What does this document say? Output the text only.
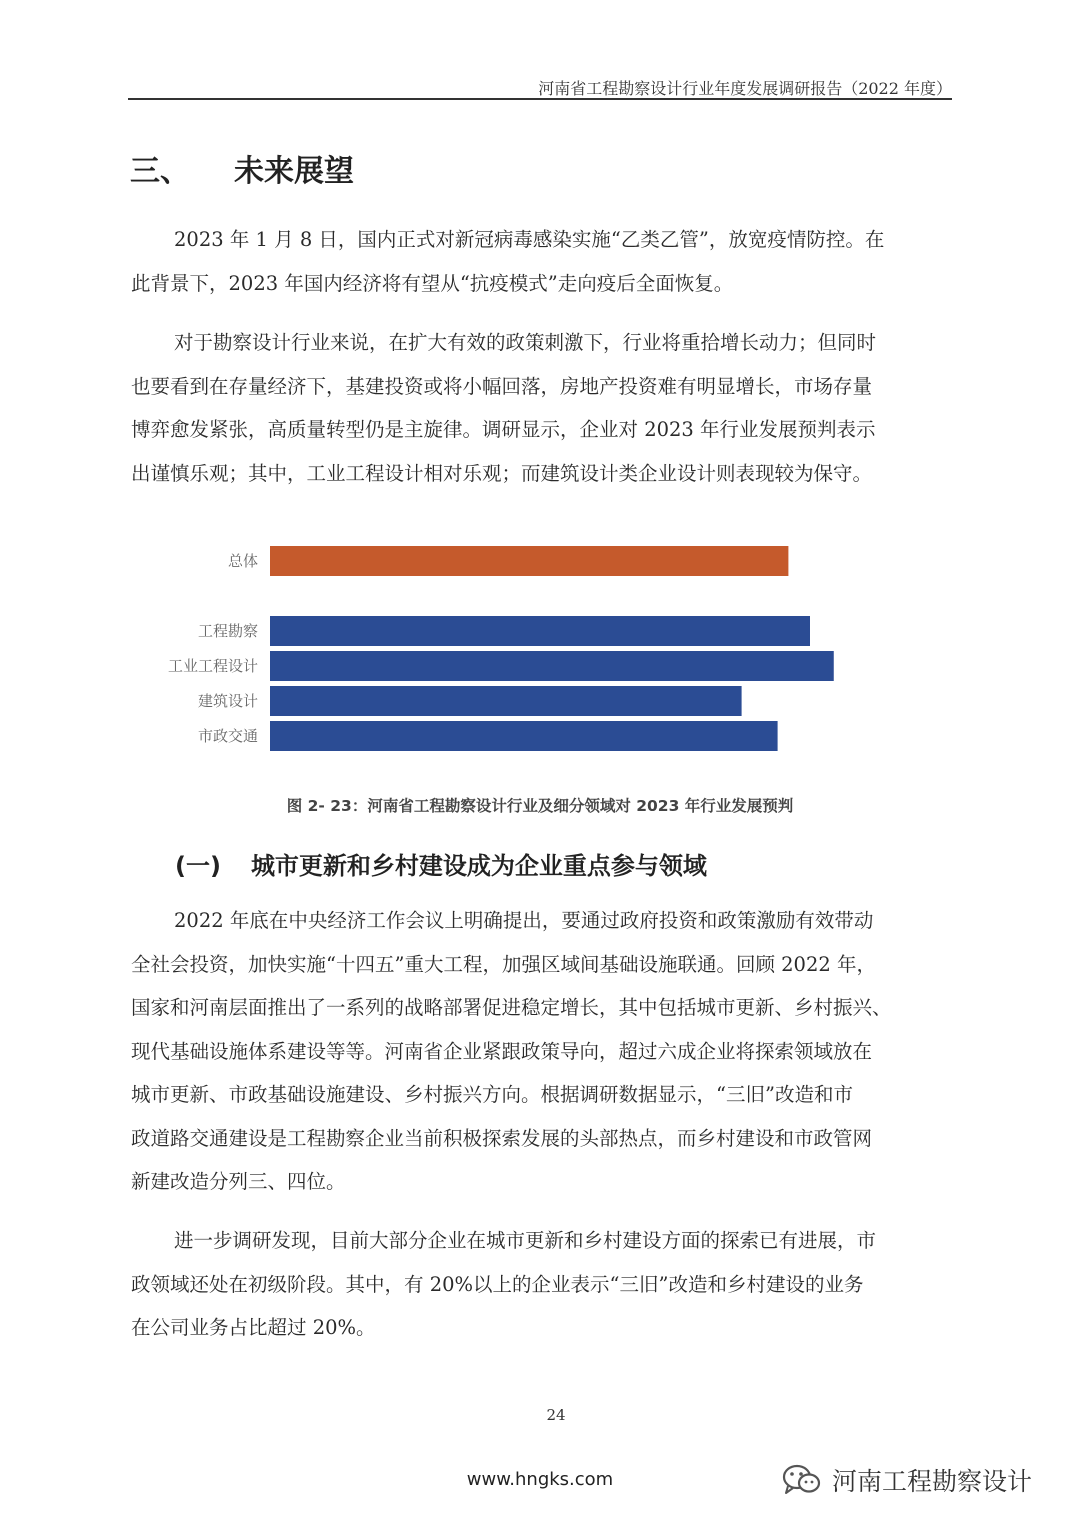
河南省工程勘察设计行业年度发展调研报告（2022 年度）
三、 未来展望

2023 年 1 月 8 日，国内正式对新冠病毒感染实施“乙类乙管”，放宽疫情防控。在
此背景下，2023 年国内经济将有望从“抗疫模式”走向疫后全面恢复。

对于勘察设计行业来说，在扩大有效的政策刺激下，行业将重拾增长动力；但同时
也要看到在存量经济下，基建投资或将小幅回落，房地产投资难有明显增长，市场存量
博弈愈发紧张，高质量转型仍是主旋律。调研显示，企业对 2023 年行业发展预判表示
出谨慎乐观；其中，工业工程设计相对乐观；而建筑设计类企业设计则表现较为保守。

总体
工程勘察
工业工程设计
建筑设计
市政交通
图 2- 23：河南省工程勘察设计行业及细分领域对 2023 年行业发展预判
(一) 城市更新和乡村建设成为企业重点参与领域

2022 年底在中央经济工作会议上明确提出，要通过政府投资和政策激励有效带动
全社会投资，加快实施“十四五”重大工程，加强区域间基础设施联通。回顾 2022 年，
国家和河南层面推出了一系列的战略部署促进稳定增长，其中包括城市更新、乡村振兴、
现代基础设施体系建设等等。河南省企业紧跟政策导向，超过六成企业将探索领域放在
城市更新、市政基础设施建设、乡村振兴方向。根据调研数据显示，“三旧”改造和市
政道路交通建设是工程勘察企业当前积极探索发展的头部热点，而乡村建设和市政管网
新建改造分列三、四位。

进一步调研发现，目前大部分企业在城市更新和乡村建设方面的探索已有进展，市
政领域还处在初级阶段。其中，有 20%以上的企业表示“三旧”改造和乡村建设的业务
在公司业务占比超过 20%。

24
www.hngks.com	河南工程勘察设计
